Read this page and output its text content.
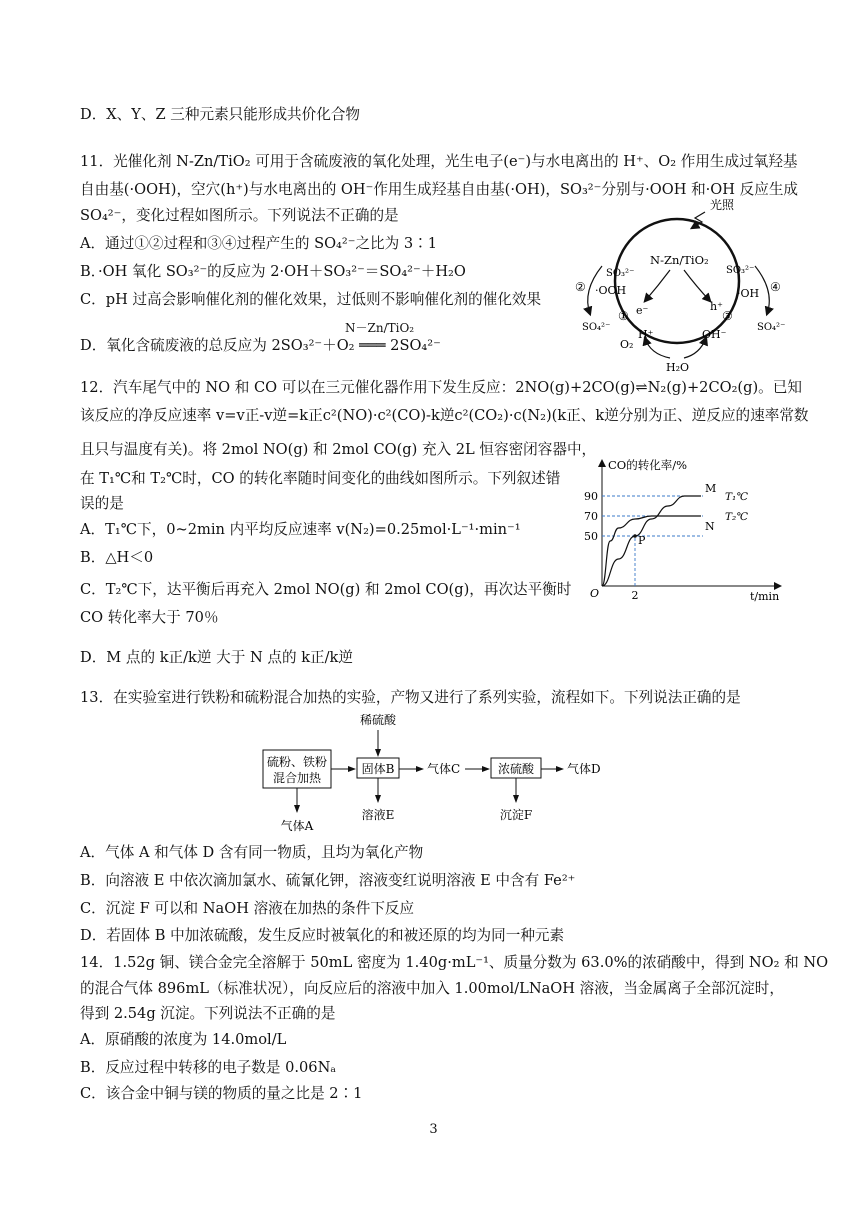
D．X、Y、Z 三种元素只能形成共价化合物
11．光催化剂 N-Zn/TiO₂ 可用于含硫废液的氧化处理，光生电子(e⁻)与水电离出的 H⁺、O₂ 作用生成过氧羟基
自由基(·OOH)，空穴(h⁺)与水电离出的 OH⁻作用生成羟基自由基(·OH)，SO₃²⁻分别与·OOH 和·OH 反应生成
SO₄²⁻，变化过程如图所示。下列说法不正确的是
A．通过①②过程和③④过程产生的 SO₄²⁻之比为 3∶1
B．·OH 氧化 SO₃²⁻的反应为 2·OH＋SO₃²⁻＝SO₄²⁻＋H₂O
C．pH 过高会影响催化剂的催化效果，过低则不影响催化剂的催化效果
D．氧化含硫废液的总反应为 2SO₃²⁻＋O₂ ═══ 2SO₄²⁻
N－Zn/TiO₂
光照
N-Zn/TiO₂
e⁻	h⁺
SO₃²⁻	SO₃²⁻
·OOH	·OH
②	④
SO₄²⁻	SO₄²⁻
①	③
H⁺	OH⁻
O₂
H₂O
12．汽车尾气中的 NO 和 CO 可以在三元催化器作用下发生反应：2NO(g)+2CO(g)⇌N₂(g)+2CO₂(g)。已知
该反应的净反应速率 v=v正-v逆=k正c²(NO)·c²(CO)-k逆c²(CO₂)·c(N₂)(k正、k逆分别为正、逆反应的速率常数
且只与温度有关)。将 2mol NO(g) 和 2mol CO(g) 充入 2L 恒容密闭容器中，
在 T₁℃和 T₂℃时，CO 的转化率随时间变化的曲线如图所示。下列叙述错
误的是
A．T₁℃下，0~2min 内平均反应速率 v(N₂)=0.25mol·L⁻¹·min⁻¹
B．△H＜0
C．T₂℃下，达平衡后再充入 2mol NO(g) 和 2mol CO(g)，再次达平衡时
CO 转化率大于 70％
D．M 点的 k正/k逆 大于 N 点的 k正/k逆
CO的转化率/%
t/min
O
50
70
90
2
M
T₁℃
N
T₂℃
P
13．在实验室进行铁粉和硫粉混合加热的实验，产物又进行了系列实验，流程如下。下列说法正确的是
硫粉、铁粉
混合加热
固体B
稀硫酸
气体C	浓硫酸	气体D
气体A
溶液E	沉淀F
A．气体 A 和气体 D 含有同一物质，且均为氧化产物
B．向溶液 E 中依次滴加氯水、硫氰化钾，溶液变红说明溶液 E 中含有 Fe²⁺
C．沉淀 F 可以和 NaOH 溶液在加热的条件下反应
D．若固体 B 中加浓硫酸，发生反应时被氧化的和被还原的均为同一种元素
14．1.52g 铜、镁合金完全溶解于 50mL 密度为 1.40g·mL⁻¹、质量分数为 63.0%的浓硝酸中，得到 NO₂ 和 NO
的混合气体 896mL（标准状况），向反应后的溶液中加入 1.00mol/LNaOH 溶液，当金属离子全部沉淀时，
得到 2.54g 沉淀。下列说法不正确的是
A．原硝酸的浓度为 14.0mol/L
B．反应过程中转移的电子数是 0.06Nₐ
C．该合金中铜与镁的物质的量之比是 2∶1
3
